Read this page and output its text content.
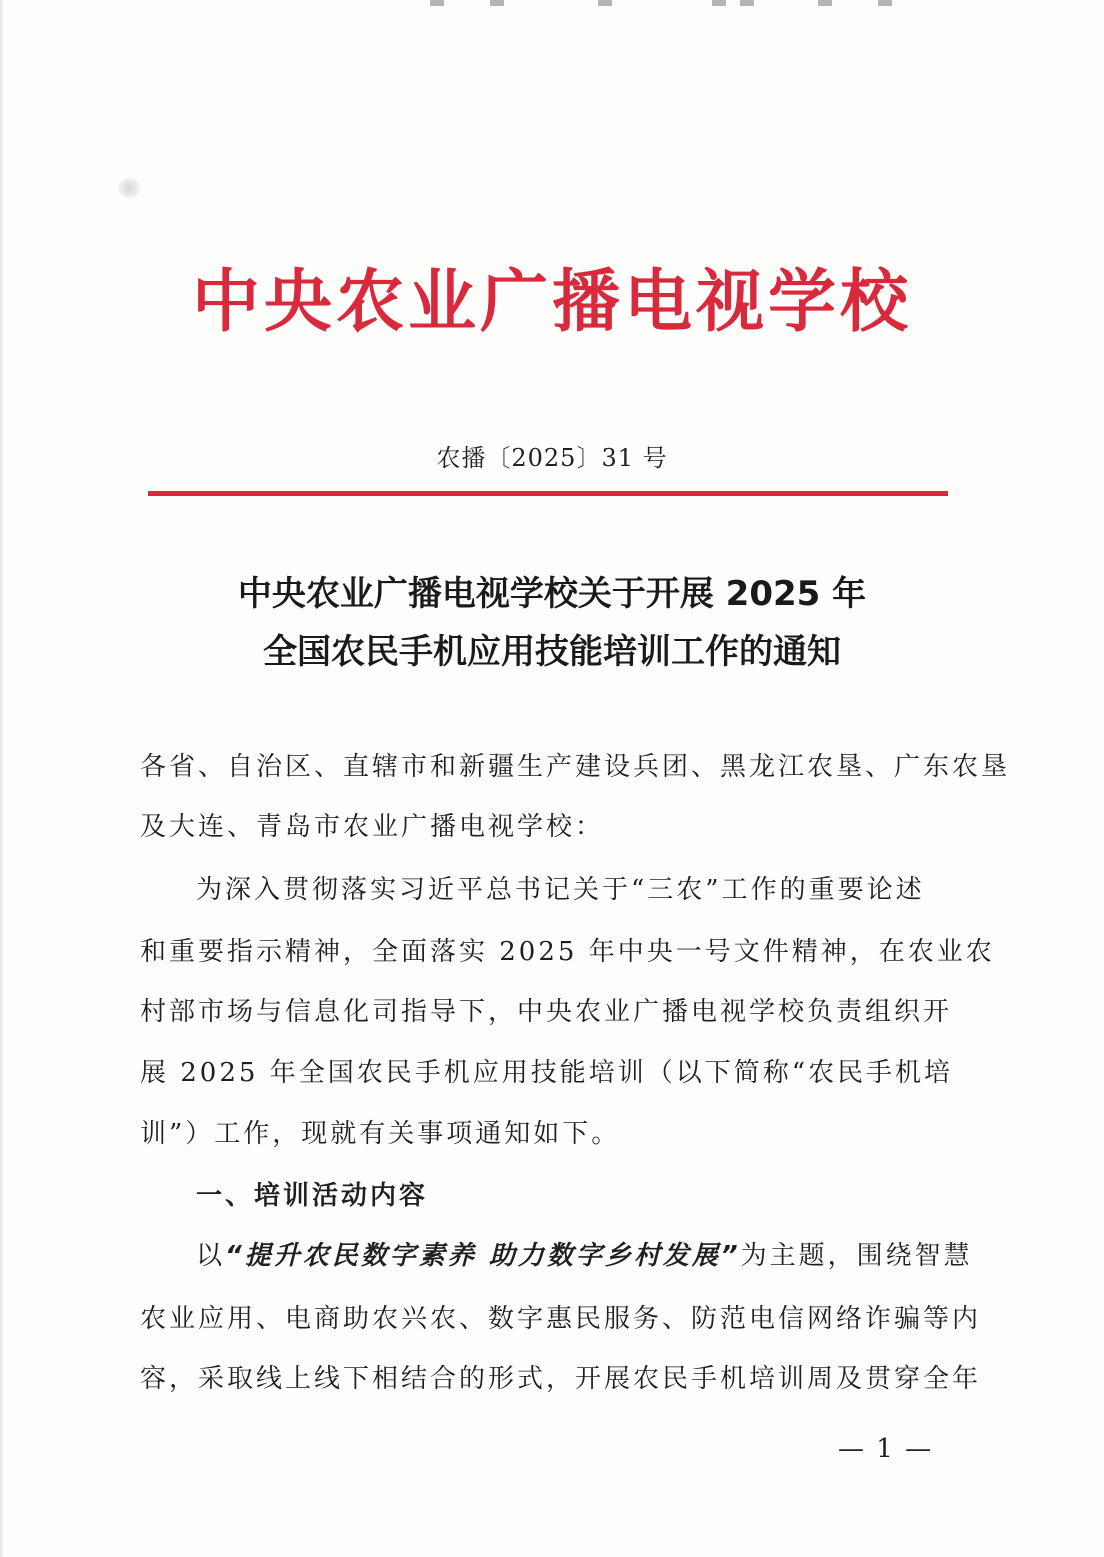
中央农业广播电视学校
农播〔2025〕31 号
中央农业广播电视学校关于开展 2025 年
全国农民手机应用技能培训工作的通知
各省、自治区、直辖市和新疆生产建设兵团、黑龙江农垦、广东农垦
及大连、青岛市农业广播电视学校：
为深入贯彻落实习近平总书记关于“三农”工作的重要论述
和重要指示精神，全面落实 2025 年中央一号文件精神，在农业农
村部市场与信息化司指导下，中央农业广播电视学校负责组织开
展 2025 年全国农民手机应用技能培训（以下简称“农民手机培
训”）工作，现就有关事项通知如下。
一、培训活动内容
以“提升农民数字素养 助力数字乡村发展”为主题，围绕智慧
农业应用、电商助农兴农、数字惠民服务、防范电信网络诈骗等内
容，采取线上线下相结合的形式，开展农民手机培训周及贯穿全年
— 1 —
